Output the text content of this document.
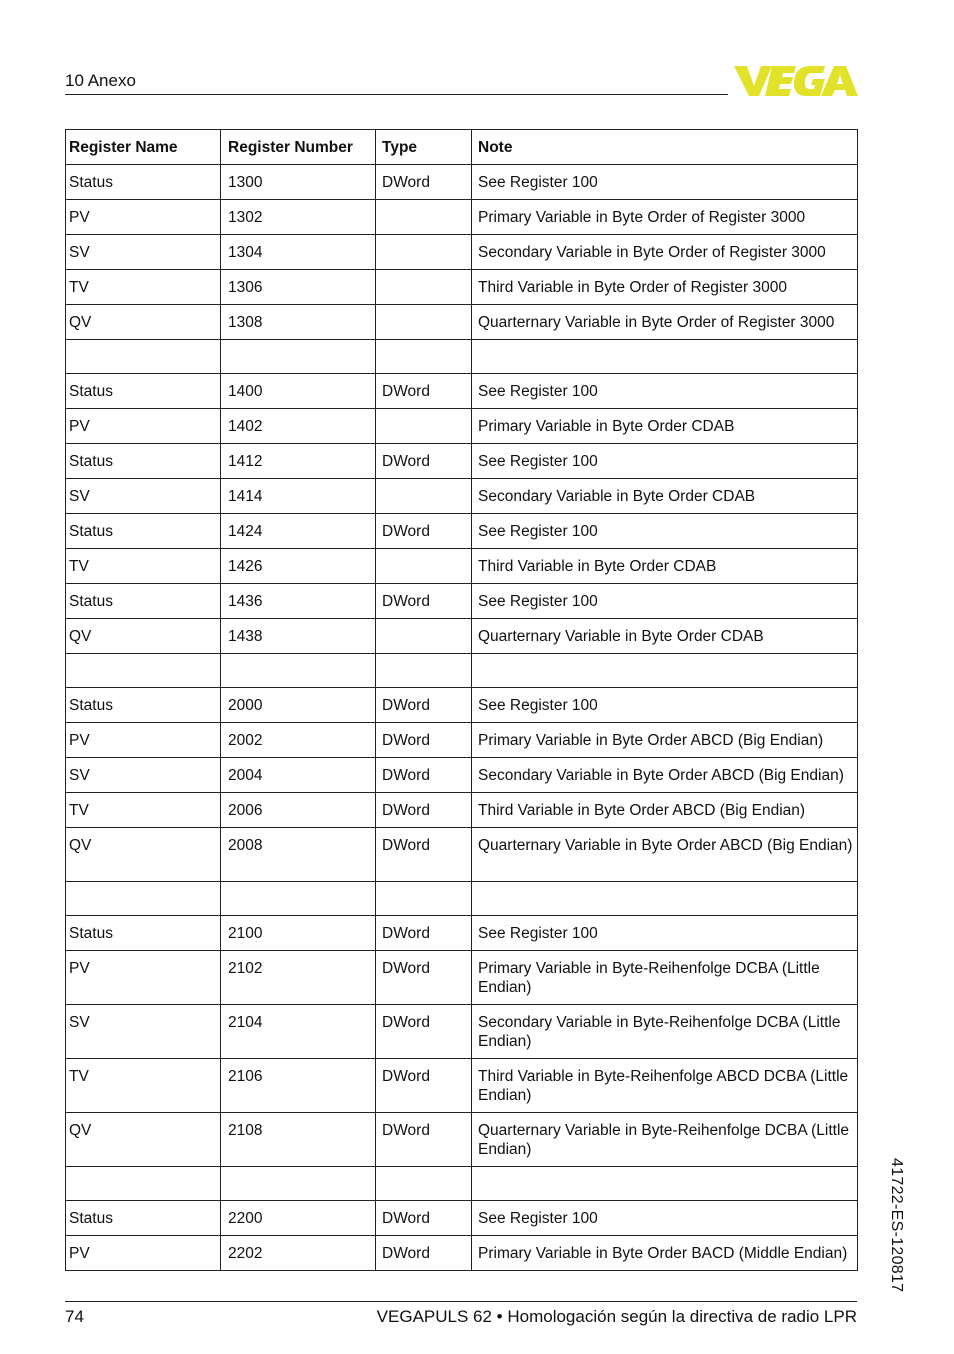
10 Anexo
Register Name	Register Number	Type	Note
Status	1300	DWord	See Register 100
PV	1302		Primary Variable in Byte Order of Register 3000
SV	1304		Secondary Variable in Byte Order of Register 3000
TV	1306		Third Variable in Byte Order of Register 3000
QV	1308		Quarternary Variable in Byte Order of Register 3000

Status	1400	DWord	See Register 100
PV	1402		Primary Variable in Byte Order CDAB
Status	1412	DWord	See Register 100
SV	1414		Secondary Variable in Byte Order CDAB
Status	1424	DWord	See Register 100
TV	1426		Third Variable in Byte Order CDAB
Status	1436	DWord	See Register 100
QV	1438		Quarternary Variable in Byte Order CDAB

Status	2000	DWord	See Register 100
PV	2002	DWord	Primary Variable in Byte Order ABCD (Big Endian)
SV	2004	DWord	Secondary Variable in Byte Order ABCD (Big Endian)
TV	2006	DWord	Third Variable in Byte Order ABCD (Big Endian)
QV	2008	DWord	Quarternary Variable in Byte Order ABCD (Big Endian)

Status	2100	DWord	See Register 100
PV	2102	DWord	Primary Variable in Byte-Reihenfolge DCBA (Little Endian)
SV	2104	DWord	Secondary Variable in Byte-Reihenfolge DCBA (Little Endian)
TV	2106	DWord	Third Variable in Byte-Reihenfolge ABCD DCBA (Little Endian)
QV	2108	DWord	Quarternary Variable in Byte-Reihenfolge DCBA (Little Endian)

Status	2200	DWord	See Register 100
PV	2202	DWord	Primary Variable in Byte Order BACD (Middle Endian)
74	VEGAPULS 62 • Homologación según la directiva de radio LPR
41722-ES-120817
